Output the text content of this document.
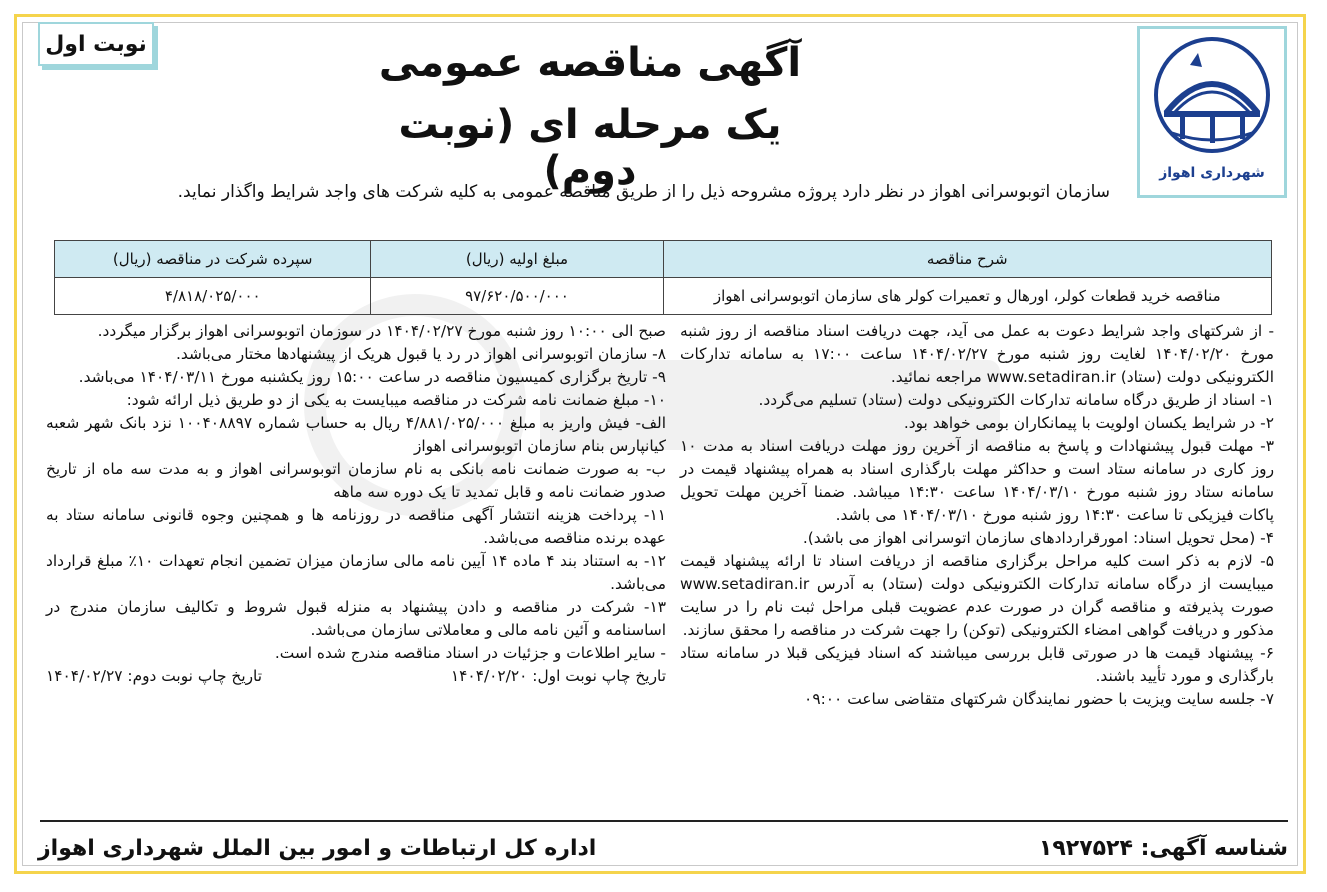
نوبت اول
شهرداری اهواز
آگهی مناقصه عمومی
یک مرحله ای (نوبت دوم)
سازمان اتوبوسرانی اهواز در نظر دارد پروژه مشروحه ذیل را از طریق مناقصه عمومی به کلیه شرکت های واجد شرایط واگذار نماید.
شرح مناقصه	مبلغ اولیه (ریال)	سپرده شرکت در مناقصه (ریال)
مناقصه خرید قطعات کولر، اورهال و تعمیرات کولر های سازمان اتوبوسرانی اهواز	۹۷/۶۲۰/۵۰۰/۰۰۰	۴/۸۱۸/۰۲۵/۰۰۰

- از شرکتهای واجد شرایط دعوت به عمل می آید، جهت دریافت اسناد مناقصه از روز شنبه مورخ ۱۴۰۴/۰۲/۲۰ لغایت روز شنبه مورخ ۱۴۰۴/۰۲/۲۷ ساعت ۱۷:۰۰ به سامانه تدارکات الکترونیکی دولت (ستاد) www.setadiran.ir مراجعه نمائید.

۱- اسناد از طریق درگاه سامانه تدارکات الکترونیکی دولت (ستاد) تسلیم می‌گردد.

۲- در شرایط یکسان اولویت با پیمانکاران بومی خواهد بود.

۳- مهلت قبول پیشنهادات و پاسخ به مناقصه از آخرین روز مهلت دریافت اسناد به مدت ۱۰ روز کاری در سامانه ستاد است و حداکثر مهلت بارگذاری اسناد به همراه پیشنهاد قیمت در سامانه ستاد روز شنبه مورخ ۱۴۰۴/۰۳/۱۰ ساعت ۱۴:۳۰ میباشد. ضمنا آخرین مهلت تحویل پاکات فیزیکی تا ساعت ۱۴:۳۰ روز شنبه مورخ ۱۴۰۴/۰۳/۱۰ می باشد.

۴- (محل تحویل اسناد: امورقراردادهای سازمان اتوسرانی اهواز می باشد).

۵- لازم به ذکر است کلیه مراحل برگزاری مناقصه از دریافت اسناد تا ارائه پیشنهاد قیمت میبایست از درگاه سامانه تدارکات الکترونیکی دولت (ستاد) به آدرس www.setadiran.ir صورت پذیرفته و مناقصه گران در صورت عدم عضویت قبلی مراحل ثبت نام را در سایت مذکور و دریافت گواهی امضاء الکترونیکی (توکن) را جهت شرکت در مناقصه را محقق سازند.

۶- پیشنهاد قیمت ها در صورتی قابل بررسی میباشند که اسناد فیزیکی قبلا در سامانه ستاد بارگذاری و مورد تأیید باشند.

۷- جلسه سایت ویزیت با حضور نمایندگان شرکتهای متقاضی ساعت ۰۹:۰۰

صبح الی ۱۰:۰۰ روز شنبه مورخ ۱۴۰۴/۰۲/۲۷ در سوزمان اتوبوسرانی اهواز برگزار میگردد.

۸- سازمان اتوبوسرانی اهواز در رد یا قبول هریک از پیشنهادها مختار می‌باشد.

۹- تاریخ برگزاری کمیسیون مناقصه در ساعت ۱۵:۰۰ روز یکشنبه مورخ ۱۴۰۴/۰۳/۱۱ می‌باشد.

۱۰- مبلغ ضمانت نامه شرکت در مناقصه میبایست به یکی از دو طریق ذیل ارائه شود:

الف- فیش واریز به مبلغ ۴/۸۸۱/۰۲۵/۰۰۰ ریال به حساب شماره ۱۰۰۴۰۸۸۹۷ نزد بانک شهر شعبه کیانپارس بنام سازمان اتوبوسرانی اهواز

ب- به صورت ضمانت نامه بانکی به نام سازمان اتوبوسرانی اهواز و به مدت سه ماه از تاریخ صدور ضمانت نامه و قابل تمدید تا یک دوره سه ماهه

۱۱- پرداخت هزینه انتشار آگهی مناقصه در روزنامه ها و همچنین وجوه قانونی سامانه ستاد به عهده برنده مناقصه می‌باشد.

۱۲- به استناد بند ۴ ماده ۱۴ آیین نامه مالی سازمان میزان تضمین انجام تعهدات ۱۰٪ مبلغ قرارداد می‌باشد.

۱۳- شرکت در مناقصه و دادن پیشنهاد به منزله قبول شروط و تکالیف سازمان مندرج در اساسنامه و آئین نامه مالی و معاملاتی سازمان می‌باشد.

- سایر اطلاعات و جزئیات در اسناد مناقصه مندرج شده است.

تاریخ چاپ نوبت اول: ۱۴۰۴/۰۲/۲۰
تاریخ چاپ نوبت دوم: ۱۴۰۴/۰۲/۲۷
شناسه آگهی: ۱۹۲۷۵۲۴
اداره کل ارتباطات و امور بین الملل شهرداری اهواز
